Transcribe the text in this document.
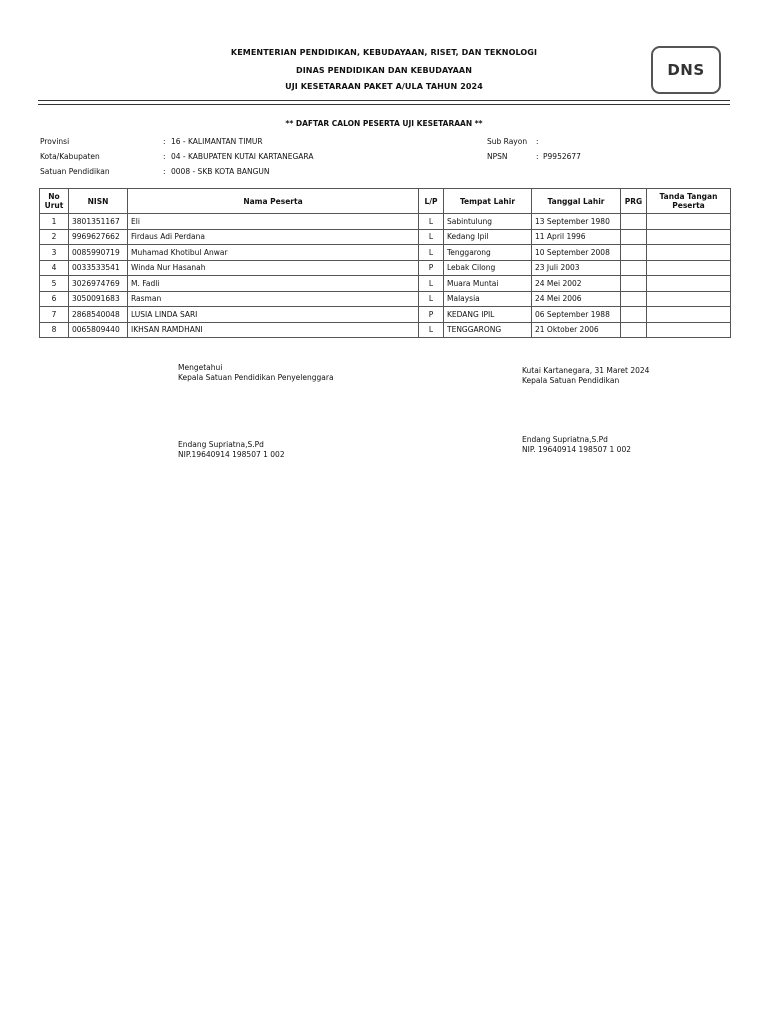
KEMENTERIAN PENDIDIKAN, KEBUDAYAAN, RISET, DAN TEKNOLOGI
DINAS PENDIDIKAN DAN KEBUDAYAAN
UJI KESETARAAN PAKET A/ULA TAHUN 2024
DNS
** DAFTAR CALON PESERTA UJI KESETARAAN **
Provinsi	: 16 - KALIMANTAN TIMUR
Kota/Kabupaten	: 04 - KABUPATEN KUTAI KARTANEGARA
Satuan Pendidikan	: 0008 - SKB KOTA BANGUN
Sub Rayon :
NPSN	: P9952677
No Urut	NISN	Nama Peserta	L/P	Tempat Lahir	Tanggal Lahir	PRG	Tanda Tangan Peserta
1	3801351167	Eli	L	Sabintulung	13 September 1980		
2	9969627662	Firdaus Adi Perdana	L	Kedang Ipil	11 April 1996		
3	0085990719	Muhamad Khotibul Anwar	L	Tenggarong	10 September 2008		
4	0033533541	Winda Nur Hasanah	P	Lebak Cilong	23 Juli 2003		
5	3026974769	M. Fadli	L	Muara Muntai	24 Mei 2002		
6	3050091683	Rasman	L	Malaysia	24 Mei 2006		
7	2868540048	LUSIA LINDA SARI	P	KEDANG IPIL	06 September 1988		
8	0065809440	IKHSAN RAMDHANI	L	TENGGARONG	21 Oktober 2006		
Mengetahui
Kepala Satuan Pendidikan Penyelenggara
Endang Supriatna,S.Pd
NIP.19640914 198507 1 002
Kutai Kartanegara, 31 Maret 2024
Kepala Satuan Pendidikan
Endang Supriatna,S.Pd
NIP. 19640914 198507 1 002
